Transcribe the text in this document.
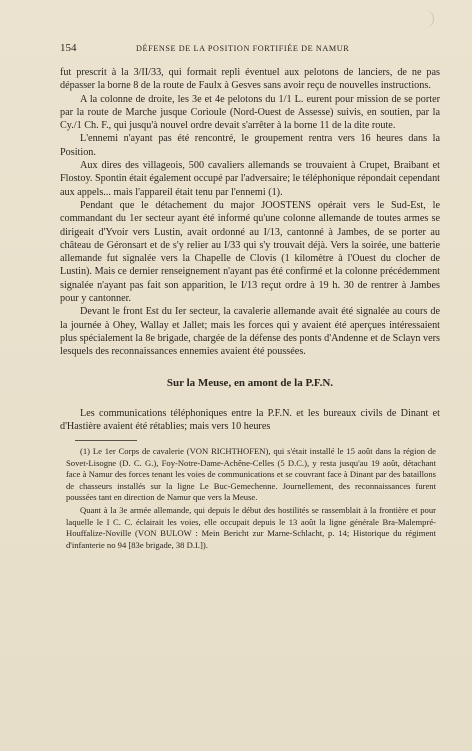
154	DÉFENSE DE LA POSITION FORTIFIÉE DE NAMUR

fut prescrit à la 3/II/33, qui formait repli éventuel aux pelotons de lanciers, de ne pas dépasser la borne 8 de la route de Faulx à Gesves sans avoir reçu de nouvelles instructions.

A la colonne de droite, les 3e et 4e pelotons du 1/1 L. eurent pour mission de se porter par la route de Marche jusque Corioule (Nord-Ouest de Assesse) suivis, en soutien, par la Cy./1 Ch. F., qui jusqu'à nouvel ordre devait s'arrêter à la borne 11 de la dite route.

L'ennemi n'ayant pas été rencontré, le groupement rentra vers 16 heures dans la Position.

Aux dires des villageois, 500 cavaliers allemands se trouvaient à Crupet, Braibant et Flostoy. Spontin était également occupé par l'adversaire; le téléphonique répondait cependant aux appels... mais l'appareil était tenu par l'ennemi (1).

Pendant que le détachement du major JOOSTENS opérait vers le Sud-Est, le commandant du 1er secteur ayant été informé qu'une colonne allemande de toutes armes se dirigeait d'Yvoir vers Lustin, avait ordonné au I/13, cantonné à Jambes, de se porter au château de Géronsart et de s'y relier au I/33 qui s'y trouvait déjà. Vers la soirée, une batterie allemande fut signalée vers la Chapelle de Clovis (1 kilomètre à l'Ouest du clocher de Lustin). Mais ce dernier renseignement n'ayant pas été confirmé et la colonne précédemment signalée n'ayant pas fait son apparition, le I/13 reçut ordre à 19 h. 30 de rentrer à Jambes pour y cantonner.

Devant le front Est du Ier secteur, la cavalerie allemande avait été signalée au cours de la journée à Ohey, Wallay et Jallet; mais les forces qui y avaient été aperçues intéressaient plus spécialement la 8e brigade, chargée de la défense des ponts d'Andenne et de Sclayn vers lesquels des reconnaissances ennemies avaient été poussées.

Sur la Meuse, en amont de la P.F.N.

Les communications téléphoniques entre la P.F.N. et les bureaux civils de Dinant et d'Hastière avaient été rétablies; mais vers 10 heures

(1) Le 1er Corps de cavalerie (VON RICHTHOFEN), qui s'était installé le 15 août dans la région de Sovet-Lisogne (D. C. G.), Foy-Notre-Dame-Achêne-Celles (5 D.C.), y resta jusqu'au 19 août, détachant face à Namur des forces tenant les voies de communications et se couvrant face à Dinant par des bataillons de chasseurs installés sur la ligne Le Buc-Gemechenne. Journellement, des reconnaissances furent poussées tant en direction de Namur que vers la Meuse.

Quant à la 3e armée allemande, qui depuis le début des hostilités se rassemblait à la frontière et pour laquelle le I C. C. éclairait les voies, elle occupait depuis le 13 août la ligne générale Bra-Malempré-Houffalize-Noville (VON BULOW : Mein Bericht zur Marne-Schlacht, p. 14; Historique du régiment d'infanterie no 94 [83e brigade, 38 D.I.]).
